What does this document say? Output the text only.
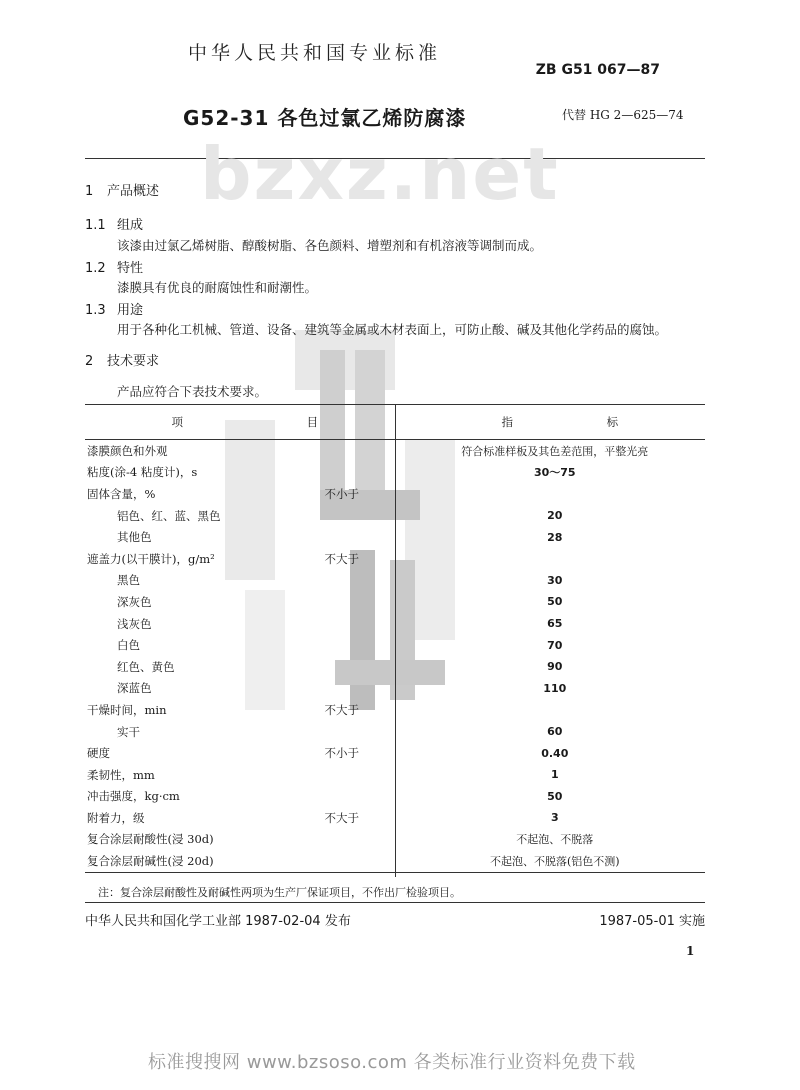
中华人民共和国专业标准
ZB G51 067—87
G52-31 各色过氯乙烯防腐漆	代替 HG 2—625—74
bzxz.net
1 产品概述
1.1 组成
该漆由过氯乙烯树脂、醇酸树脂、各色颜料、增塑剂和有机溶液等调制而成。
1.2 特性
漆膜具有优良的耐腐蚀性和耐潮性。
1.3 用途
用于各种化工机械、管道、设备、建筑等金属或木材表面上，可防止酸、碱及其他化学药品的腐蚀。
2 技术要求
产品应符合下表技术要求。
项 目		指 标
漆膜颜色和外观		符合标准样板及其色差范围，平整光亮
粘度(涂-4 粘度计)，s		30～75
固体含量，%	不小于	
铝色、红、蓝、黑色		20
其他色		28
遮盖力(以干膜计)，g/m²	不大于	
黑色		30
深灰色		50
浅灰色		65
白色		70
红色、黄色		90
深蓝色		110
干燥时间，min	不大于	
实干		60
硬度	不小于	0.40
柔韧性，mm		1
冲击强度，kg·cm		50
附着力，级	不大于	3
复合涂层耐酸性(浸 30d)		不起泡、不脱落
复合涂层耐碱性(浸 20d)		不起泡、不脱落(铝色不测)
注：复合涂层耐酸性及耐碱性两项为生产厂保证项目，不作出厂检验项目。
中华人民共和国化学工业部 1987-02-04 发布	1987-05-01 实施
1
标准搜搜网 www.bzsoso.com 各类标准行业资料免费下载
